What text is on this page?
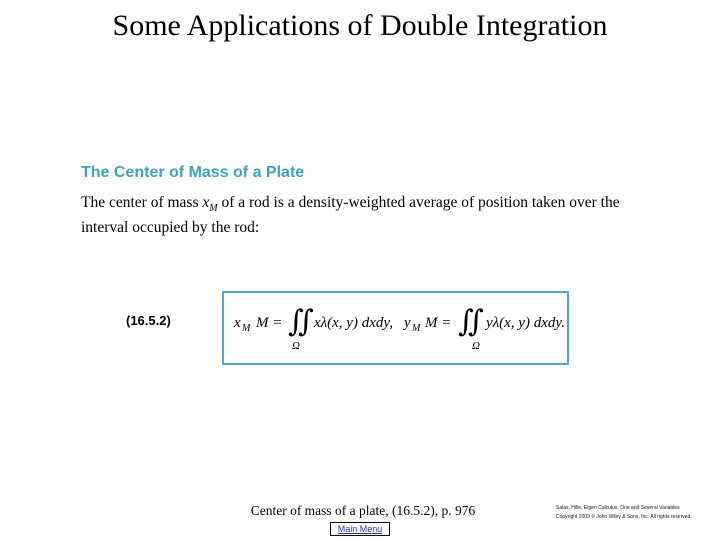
Some Applications of Double Integration
The Center of Mass of a Plate
The center of mass $x_M$ of a rod is a density-weighted average of position taken over the interval occupied by the rod:
(16.5.2)	x M M = ∬
Ω
xλ(x, y) dxdy, y M M = ∬
Ω
yλ(x, y) dxdy.
Center of mass of a plate, (16.5.2), p. 976
Main Menu
Salas, Hille, Etgen Calculus: One and Several Variables
Copyright 2003 © John Wiley & Sons, Inc. All rights reserved.
